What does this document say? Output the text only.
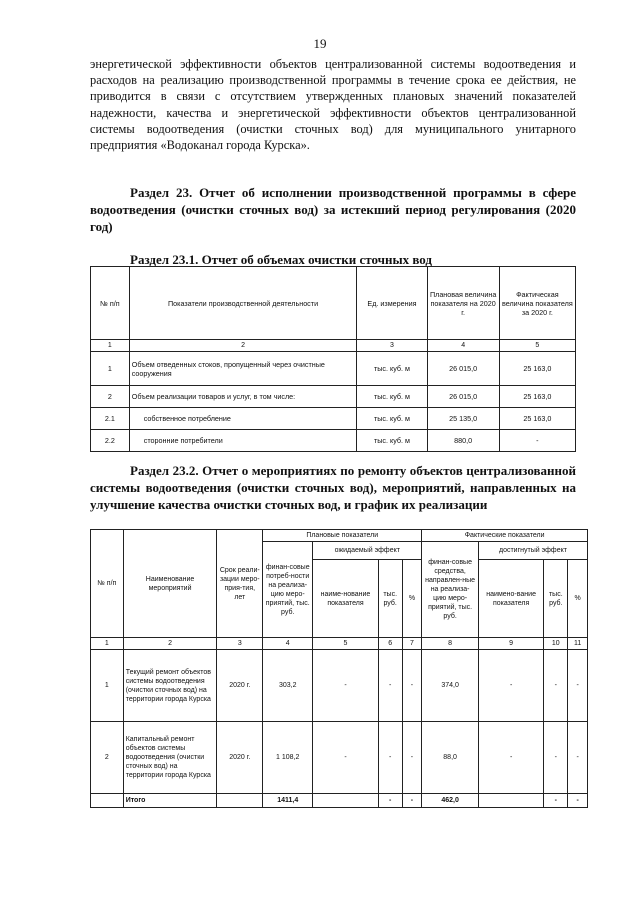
19
энергетической эффективности объектов централизованной системы водоотведения и расходов на реализацию производственной программы в течение срока ее действия, не приводится в связи с отсутствием утвержденных плановых значений показателей надежности, качества и энергетической эффективности объектов централизованной системы водоотведения (очистки сточных вод) для муниципального унитарного предприятия «Водоканал города Курска».
Раздел 23. Отчет об исполнении производственной программы в сфере водоотведения (очистки сточных вод) за истекший период регулирования (2020 год)
Раздел 23.1. Отчет об объемах очистки сточных вод
№ п/п	Показатели производственной деятельности	Ед. измерения	Плановая величина показателя на 2020 г.	Фактическая величина показателя за 2020 г.
1	2	3	4	5
1	Объем отведенных стоков, пропущенный через очистные сооружения	тыс. куб. м	26 015,0	25 163,0
2	Объем реализации товаров и услуг, в том числе:	тыс. куб. м	26 015,0	25 163,0
2.1	собственное потребление	тыс. куб. м	25 135,0	25 163,0
2.2	сторонние потребители	тыс. куб. м	880,0	-
Раздел 23.2. Отчет о мероприятиях по ремонту объектов централизованной системы водоотведения (очистки сточных вод), мероприятий, направленных на улучшение качества очистки сточных вод, и график их реализации
№ п/п	Наименование мероприятий	Срок реали-зации меро-прия-тия, лет	Плановые показатели				Фактические показатели			
			финан-совые потреб-ности на реализа-цию меро-приятий, тыс. руб.	ожидаемый эффект			финан-совые средства, направлен-ные на реализа-цию меро-приятий, тыс. руб.	достигнутый эффект		
				наиме-нование показателя	тыс. руб.	%		наимено-вание показателя	тыс. руб.	%
1	2	3	4	5	6	7	8	9	10	11
1	Текущий ремонт объектов системы водоотведения (очистки сточных вод) на территории города Курска	2020 г.	303,2	-	-	-	374,0	-	-	-
2	Капитальный ремонт объектов системы водоотведения (очистки сточных вод) на территории города Курска	2020 г.	1 108,2	-	-	-	88,0	-	-	-
	Итого		1411,4		-	-	462,0		-	-
